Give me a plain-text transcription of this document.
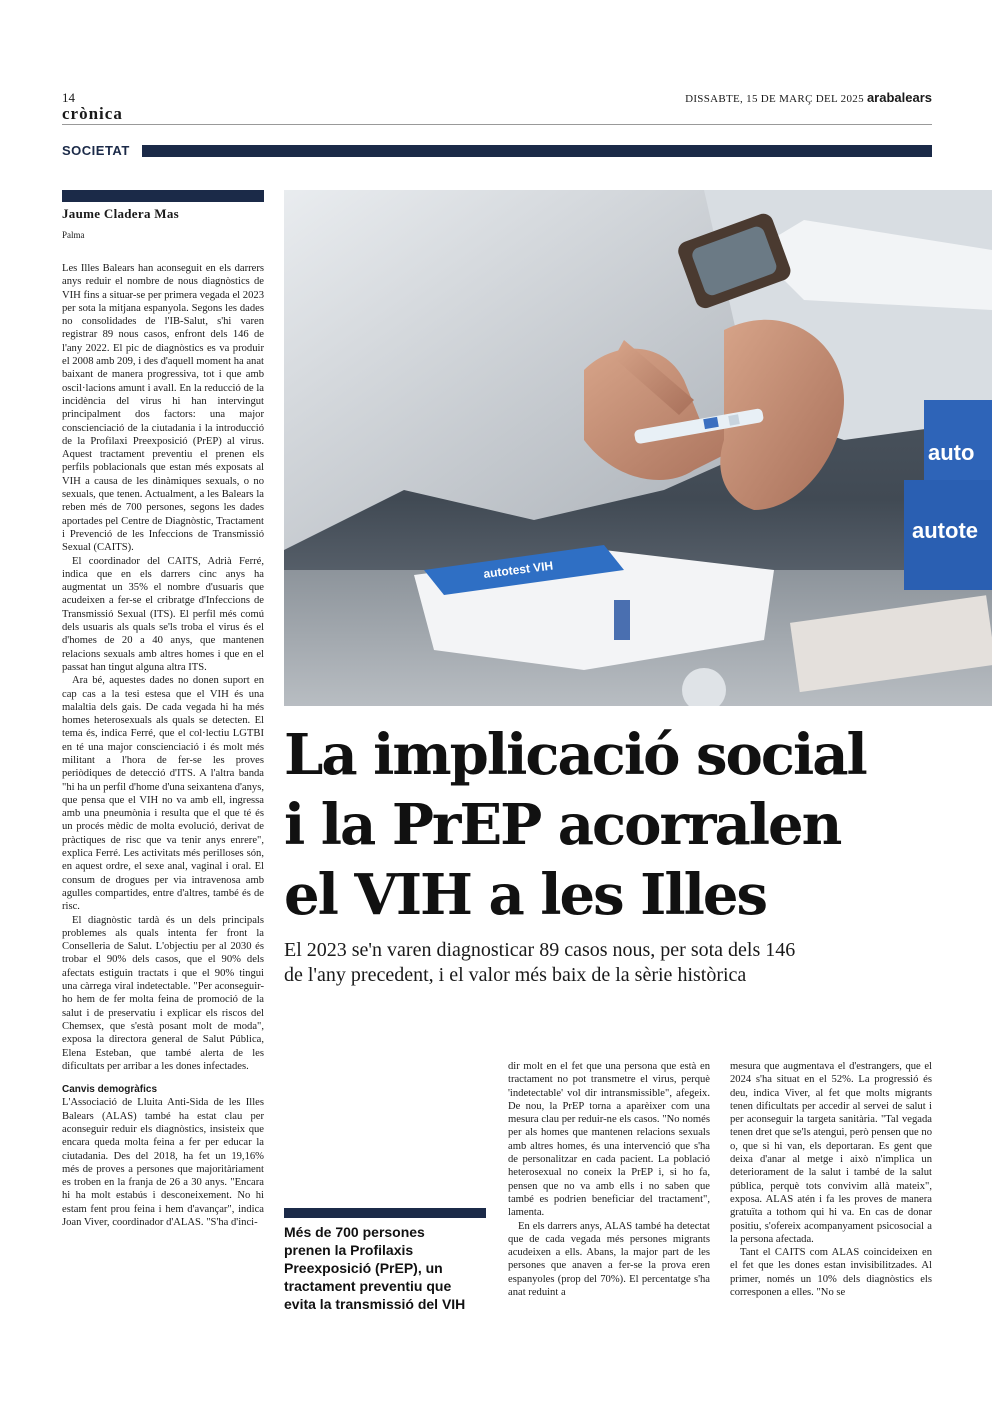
14
crònica
DISSABTE, 15 DE MARÇ DEL 2025 arabalears
SOCIETAT
Jaume Cladera Mas
Palma

Les Illes Balears han aconseguit en els darrers anys reduir el nombre de nous diagnòstics de VIH fins a situar-se per primera vegada el 2023 per sota la mitjana espanyola. Segons les dades no consolidades de l'IB-Salut, s'hi varen registrar 89 nous casos, enfront dels 146 de l'any 2022. El pic de diagnòstics es va produir el 2008 amb 209, i des d'aquell moment ha anat baixant de manera progressiva, tot i que amb oscil·lacions amunt i avall. En la reducció de la incidència del virus hi han intervingut principalment dos factors: una major conscienciació de la ciutadania i la introducció de la Profilaxi Preexposició (PrEP) al virus. Aquest tractament preventiu el prenen els perfils poblacionals que estan més exposats al VIH a causa de les dinàmiques sexuals, o no sexuals, que tenen. Actualment, a les Balears la reben més de 700 persones, segons les dades aportades pel Centre de Diagnòstic, Tractament i Prevenció de les Infeccions de Transmissió Sexual (CAITS).

El coordinador del CAITS, Adrià Ferré, indica que en els darrers cinc anys ha augmentat un 35% el nombre d'usuaris que acudeixen a fer-se el cribratge d'Infeccions de Transmissió Sexual (ITS). El perfil més comú dels usuaris als quals se'ls troba el virus és el d'homes de 20 a 40 anys, que mantenen relacions sexuals amb altres homes i que en el passat han tingut alguna altra ITS.

Ara bé, aquestes dades no donen suport en cap cas a la tesi estesa que el VIH és una malaltia dels gais. De cada vegada hi ha més homes heterosexuals als quals se detecten. El tema és, indica Ferré, que el col·lectiu LGTBI en té una major conscienciació i és molt més militant a l'hora de fer-se les proves periòdiques de detecció d'ITS. A l'altra banda "hi ha un perfil d'home d'una seixantena d'anys, que pensa que el VIH no va amb ell, ingressa amb una pneumònia i resulta que el que té és un procés mèdic de molta evolució, derivat de pràctiques de risc que va tenir anys enrere", explica Ferré. Les activitats més perilloses són, en aquest ordre, el sexe anal, vaginal i oral. El consum de drogues per via intravenosa amb agulles compartides, entre d'altres, també és de risc.

El diagnòstic tardà és un dels principals problemes als quals intenta fer front la Conselleria de Salut. L'objectiu per al 2030 és trobar el 90% dels casos, que el 90% dels afectats estiguin tractats i que el 90% tingui una càrrega viral indetectable. "Per aconseguir-ho hem de fer molta feina de promoció de la salut i de preservatiu i explicar els riscos del Chemsex, que s'està posant molt de moda", exposa la directora general de Salut Pública, Elena Esteban, que també alerta de les dificultats per arribar a les dones infectades.

Canvis demogràfics

L'Associació de Lluita Anti-Sida de les Illes Balears (ALAS) també ha estat clau per aconseguir reduir els diagnòstics, insisteix que encara queda molta feina a fer per educar la ciutadania. Des del 2018, ha fet un 19,16% més de proves a persones que majoritàriament es troben en la franja de 26 a 30 anys. "Encara hi ha molt estabús i desconeixement. No hi estam fent prou feina i hem d'avançar", indica Joan Viver, coordinador d'ALAS. "S'ha d'inci-

autotest VIH
auto
autote
La implicació social
i la PrEP acorralen
el VIH a les Illes
El 2023 se'n varen diagnosticar 89 casos nous, per sota dels 146
de l'any precedent, i el valor més baix de la sèrie històrica
Més de 700 persones
prenen la Profilaxis
Preexposició (PrEP), un
tractament preventiu que
evita la transmissió del VIH

dir molt en el fet que una persona que està en tractament no pot transmetre el virus, perquè 'indetectable' vol dir intransmissible", afegeix. De nou, la PrEP torna a aparèixer com una mesura clau per reduir-ne els casos. "No només per als homes que mantenen relacions sexuals amb altres homes, és una intervenció que s'ha de personalitzar en cada pacient. La població heterosexual no coneix la PrEP i, si ho fa, pensen que no va amb ells i no saben que també es podrien beneficiar del tractament", lamenta.

En els darrers anys, ALAS també ha detectat que de cada vegada més persones migrants acudeixen a ells. Abans, la major part de les persones que anaven a fer-se la prova eren espanyoles (prop del 70%). El percentatge s'ha anat reduint a

mesura que augmentava el d'estrangers, que el 2024 s'ha situat en el 52%. La progressió és deu, indica Viver, al fet que molts migrants tenen dificultats per accedir al servei de salut i per aconseguir la targeta sanitària. "Tal vegada tenen dret que se'ls atengui, però pensen que no o, que si hi van, els deportaran. Es gent que deixa d'anar al metge i això n'implica un deteriorament de la salut i també de la salut pública, perquè tots convivim allà mateix", exposa. ALAS atén i fa les proves de manera gratuïta a tothom qui hi va. En cas de donar positiu, s'ofereix acompanyament psicosocial a la persona afectada.

Tant el CAITS com ALAS coincideixen en el fet que les dones estan invisibilitzades. Al primer, només un 10% dels diagnòstics els corresponen a elles. "No se
